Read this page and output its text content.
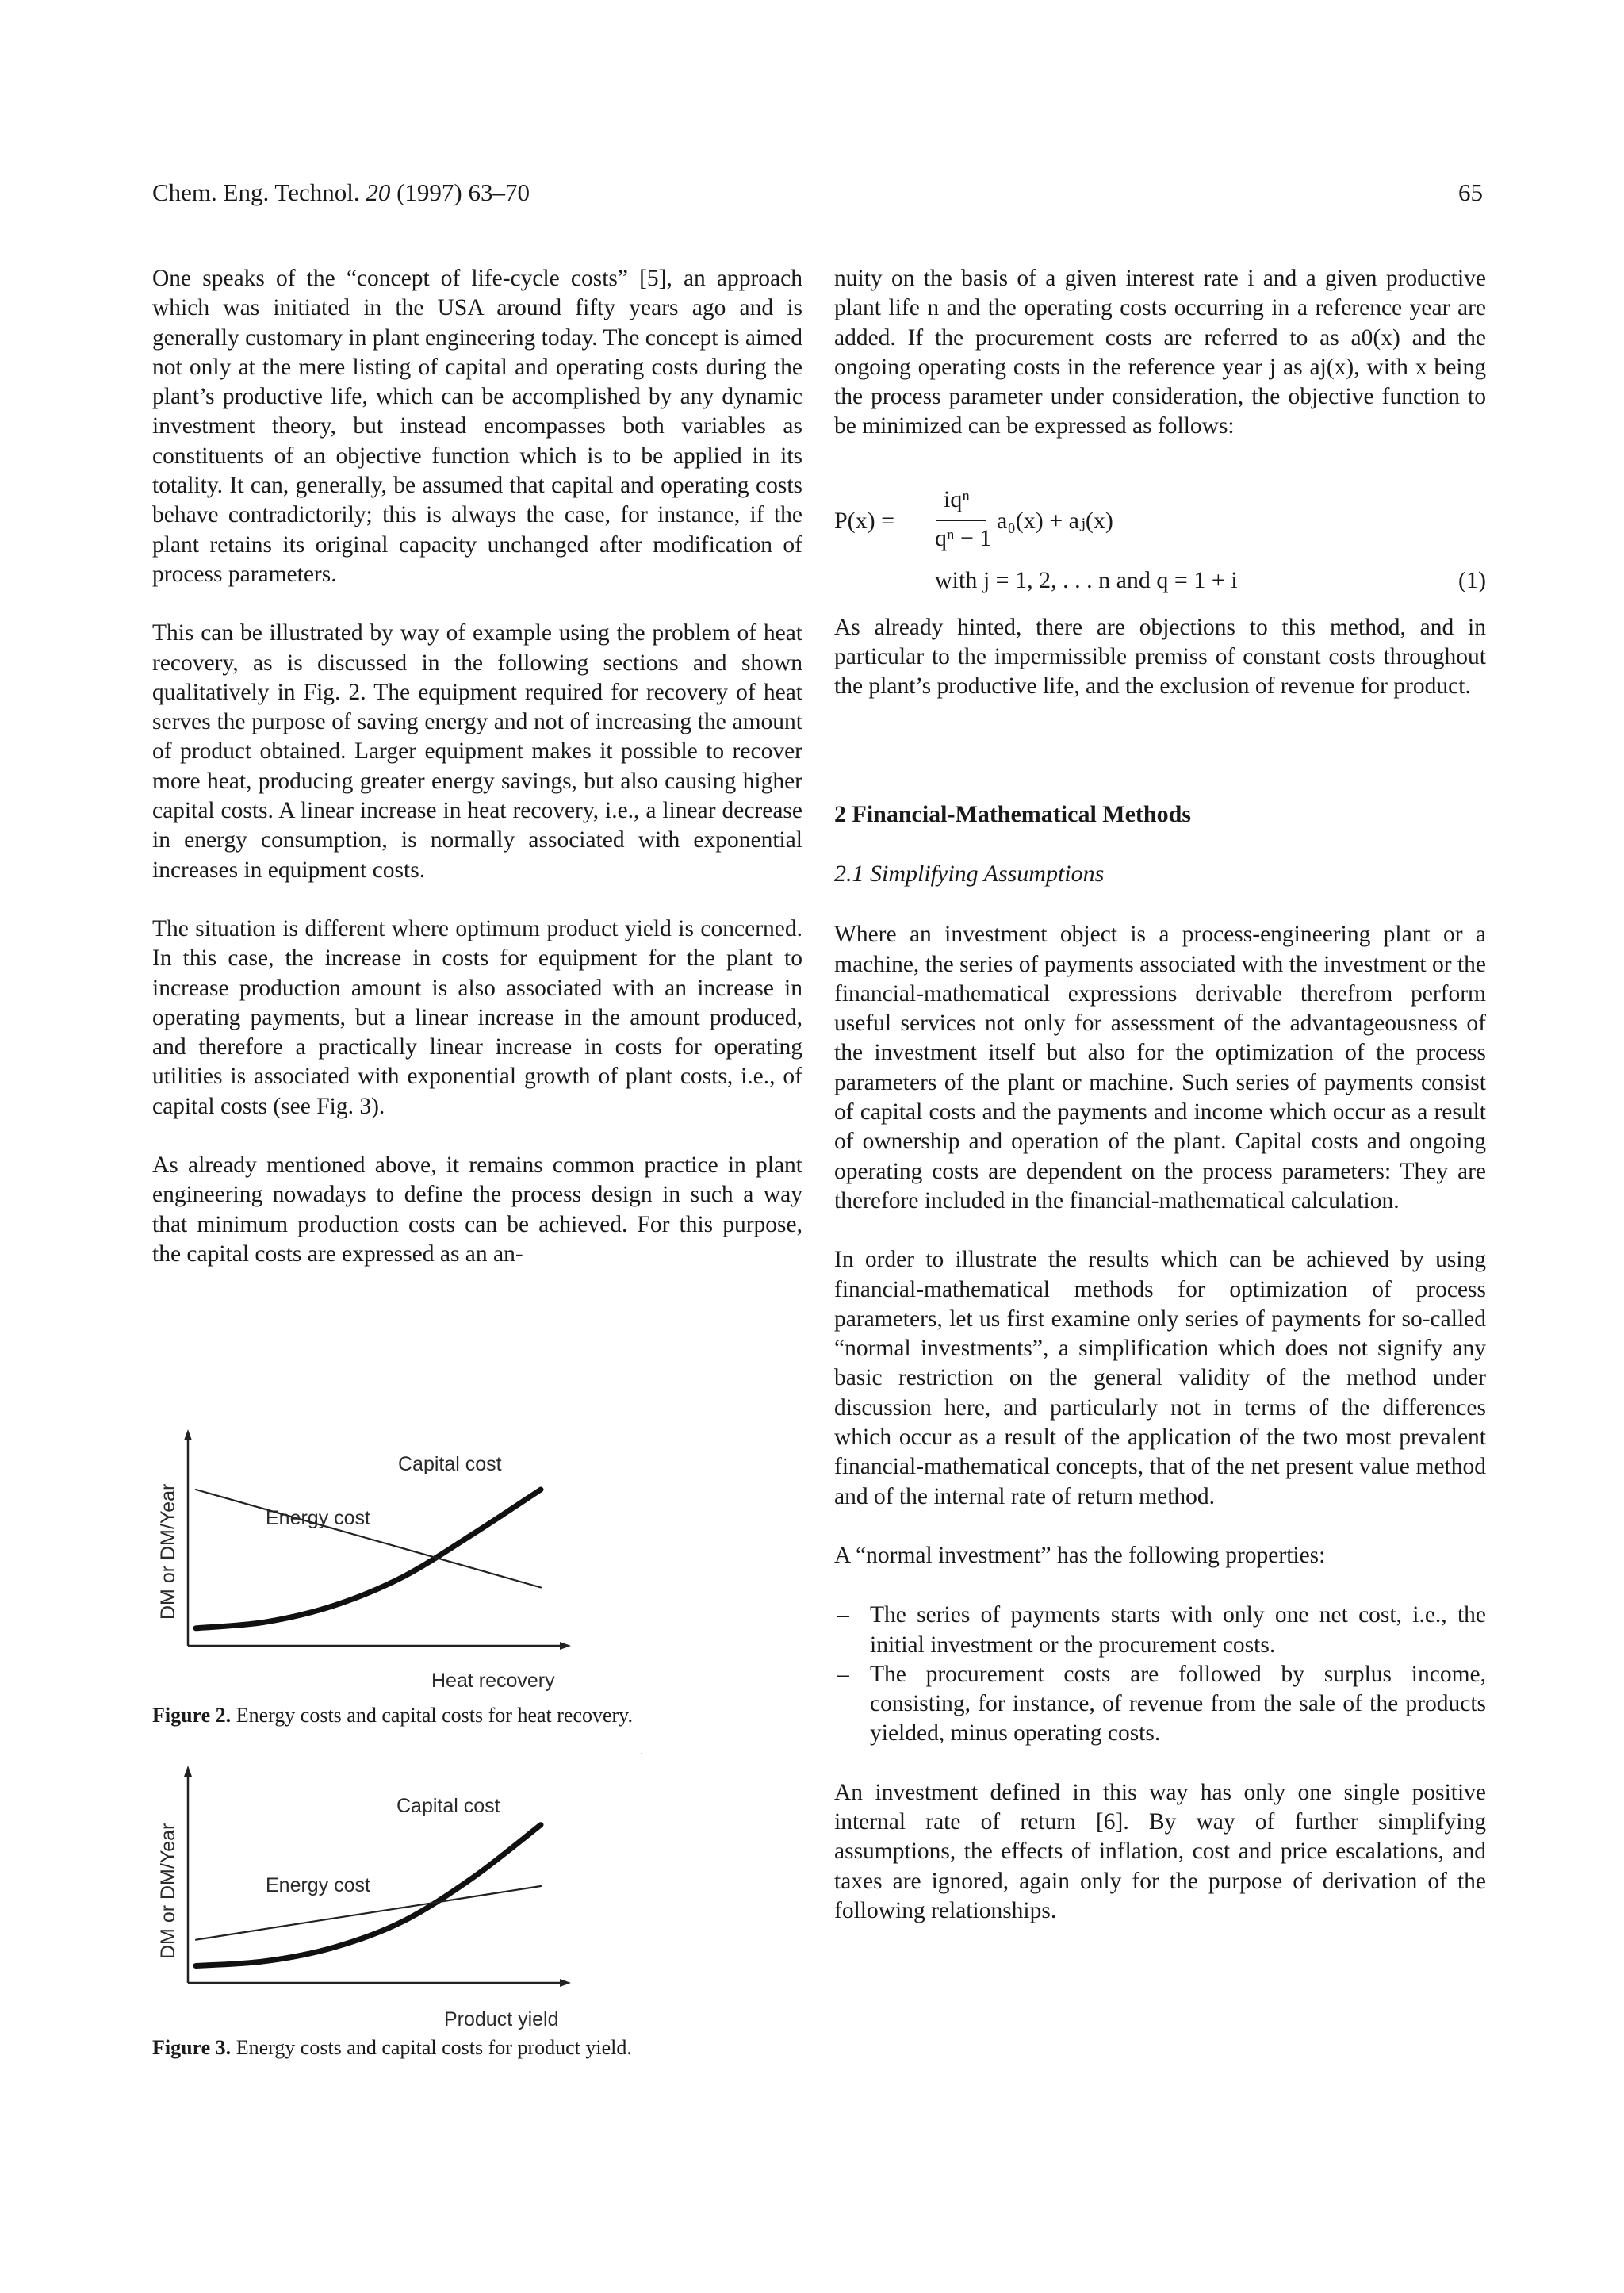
Chem. Eng. Technol. 20 (1997) 63–70	65

One speaks of the “concept of life-cycle costs” [5], an approach which was initiated in the USA around fifty years ago and is generally customary in plant engineering today. The concept is aimed not only at the mere listing of capital and operating costs during the plant’s productive life, which can be accomplished by any dynamic investment theory, but instead encompasses both variables as constituents of an objective function which is to be applied in its totality. It can, generally, be assumed that capital and operating costs behave contradictorily; this is always the case, for instance, if the plant retains its original capacity unchanged after modification of process parameters.

This can be illustrated by way of example using the problem of heat recovery, as is discussed in the following sections and shown qualitatively in Fig. 2. The equipment required for recovery of heat serves the purpose of saving energy and not of increasing the amount of product obtained. Larger equipment makes it possible to recover more heat, producing greater energy savings, but also causing higher capital costs. A linear increase in heat recovery, i.e., a linear decrease in energy consumption, is normally associated with exponential increases in equipment costs.

The situation is different where optimum product yield is concerned. In this case, the increase in costs for equipment for the plant to increase production amount is also associated with an increase in operating payments, but a linear increase in the amount produced, and therefore a practically linear increase in costs for operating utilities is associated with exponential growth of plant costs, i.e., of capital costs (see Fig. 3).

As already mentioned above, it remains common practice in plant engineering nowadays to define the process design in such a way that minimum production costs can be achieved. For this purpose, the capital costs are expressed as an an-

DM or DM/Year
Capital cost
Energy cost
Heat recovery

Figure 2. Energy costs and capital costs for heat recovery.

DM or DM/Year
Capital cost
Energy cost
Product yield

Figure 3. Energy costs and capital costs for product yield.

nuity on the basis of a given interest rate i and a given productive plant life n and the operating costs occurring in a reference year are added. If the procurement costs are referred to as a0(x) and the ongoing operating costs in the reference year j as aj(x), with x being the process parameter under consideration, the objective function to be minimized can be expressed as follows:

P(x) =
iqⁿ
qⁿ − 1
a₀(x) + aⱼ(x)
with j = 1, 2, . . . n and q = 1 + i	(1)

As already hinted, there are objections to this method, and in particular to the impermissible premiss of constant costs throughout the plant’s productive life, and the exclusion of revenue for product.

2 Financial-Mathematical Methods
2.1 Simplifying Assumptions

Where an investment object is a process-engineering plant or a machine, the series of payments associated with the investment or the financial-mathematical expressions derivable therefrom perform useful services not only for assessment of the advantageousness of the investment itself but also for the optimization of the process parameters of the plant or machine. Such series of payments consist of capital costs and the payments and income which occur as a result of ownership and operation of the plant. Capital costs and ongoing operating costs are dependent on the process parameters: They are therefore included in the financial-mathematical calculation.

In order to illustrate the results which can be achieved by using financial-mathematical methods for optimization of process parameters, let us first examine only series of payments for so-called “normal investments”, a simplification which does not signify any basic restriction on the general validity of the method under discussion here, and particularly not in terms of the differences which occur as a result of the application of the two most prevalent financial-mathematical concepts, that of the net present value method and of the internal rate of return method.

A “normal investment” has the following properties:

– The series of payments starts with only one net cost, i.e., the initial investment or the procurement costs.
– The procurement costs are followed by surplus income, consisting, for instance, of revenue from the sale of the products yielded, minus operating costs.

An investment defined in this way has only one single positive internal rate of return [6]. By way of further simplifying assumptions, the effects of inflation, cost and price escalations, and taxes are ignored, again only for the purpose of derivation of the following relationships.
